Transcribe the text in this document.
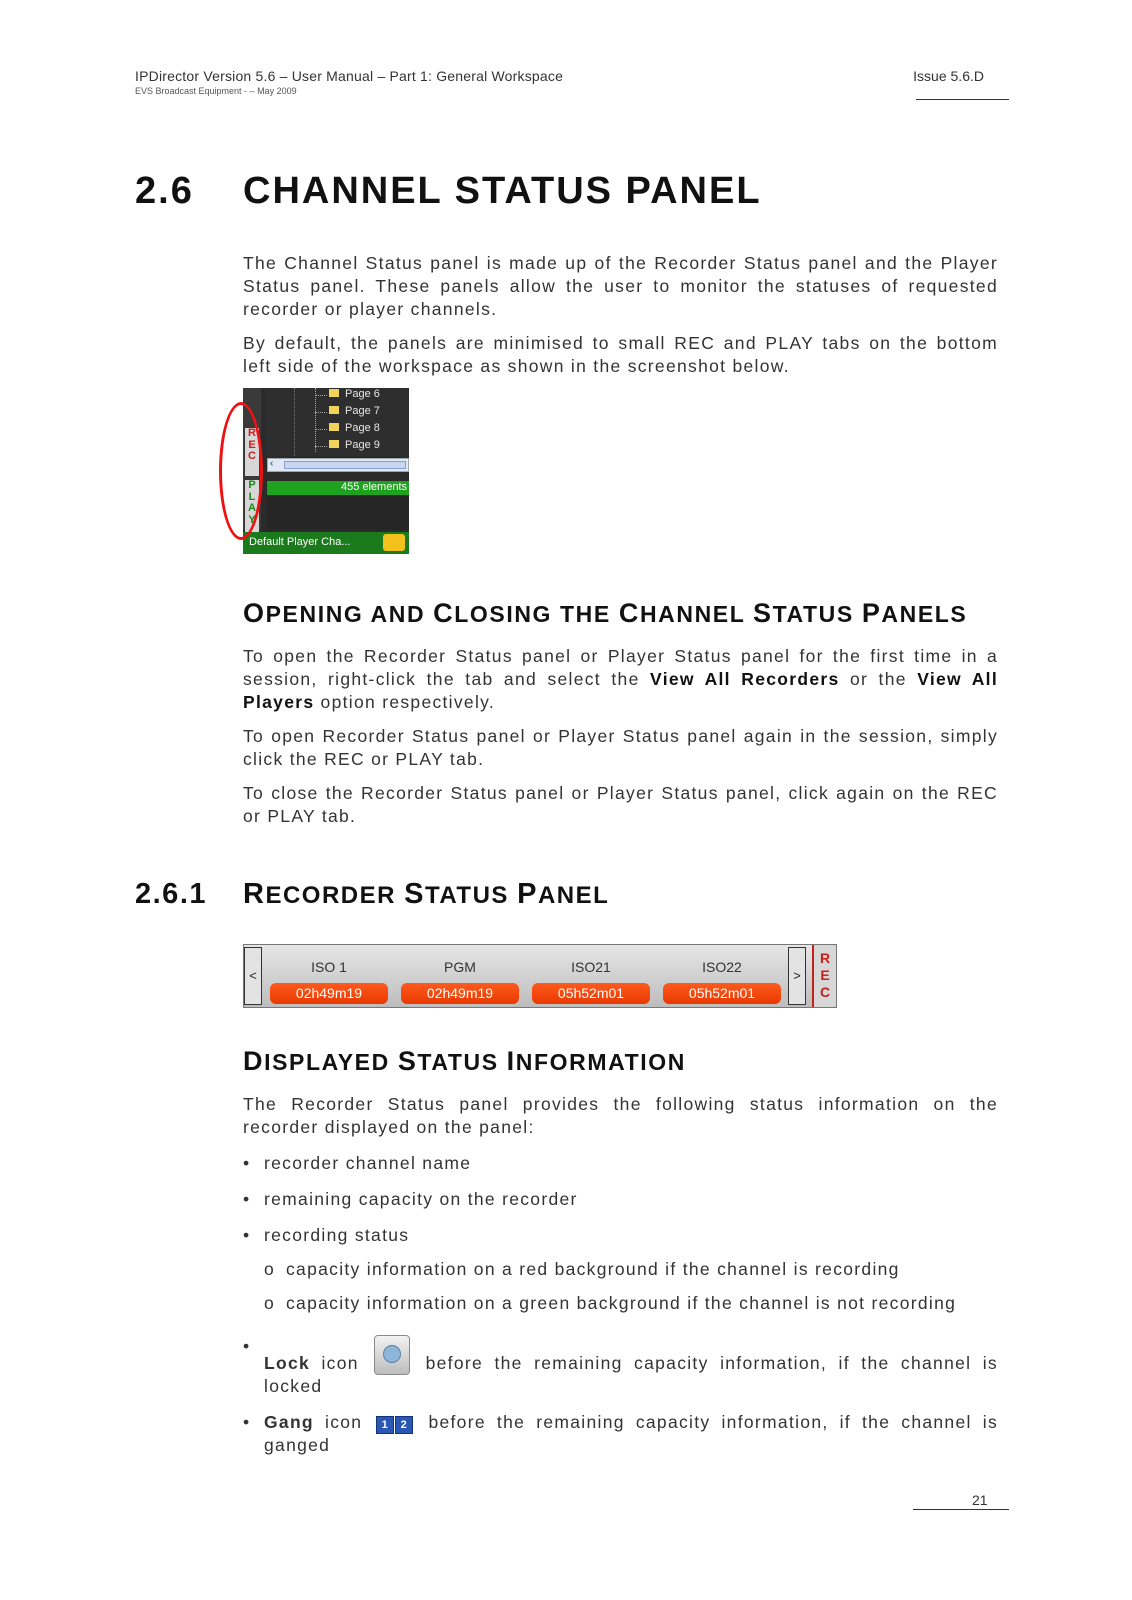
IPDirector Version 5.6 – User Manual – Part 1: General Workspace
EVS Broadcast Equipment - – May 2009
Issue 5.6.D
2.6 CHANNEL STATUS PANEL

The Channel Status panel is made up of the Recorder Status panel and the Player Status panel. These panels allow the user to monitor the statuses of requested recorder or player channels.

By default, the panels are minimised to small REC and PLAY tabs on the bottom left side of the workspace as shown in the screenshot below.

Page 6
Page 7
Page 8
Page 9
‹
455 elements
R
E
C
P
L
A
Y
Default Player Cha...
OPENING AND CLOSING THE CHANNEL STATUS PANELS

To open the Recorder Status panel or Player Status panel for the first time in a session, right-click the tab and select the View All Recorders or the View All Players option respectively.

To open Recorder Status panel or Player Status panel again in the session, simply click the REC or PLAY tab.

To close the Recorder Status panel or Player Status panel, click again on the REC or PLAY tab.

2.6.1 RECORDER STATUS PANEL
<
ISO 1
02h49m19
PGM
02h49m19
ISO21
05h52m01
ISO22
05h52m01
>
R
E
C
DISPLAYED STATUS INFORMATION

The Recorder Status panel provides the following status information on the recorder displayed on the panel:

• recorder channel name
• remaining capacity on the recorder
• recording status
o capacity information on a red background if the channel is recording
o capacity information on a green background if the channel is not recording
•
Lock icon	before the remaining capacity information, if the channel is locked
• Gang icon 1 2 before the remaining capacity information, if the channel is ganged
21
